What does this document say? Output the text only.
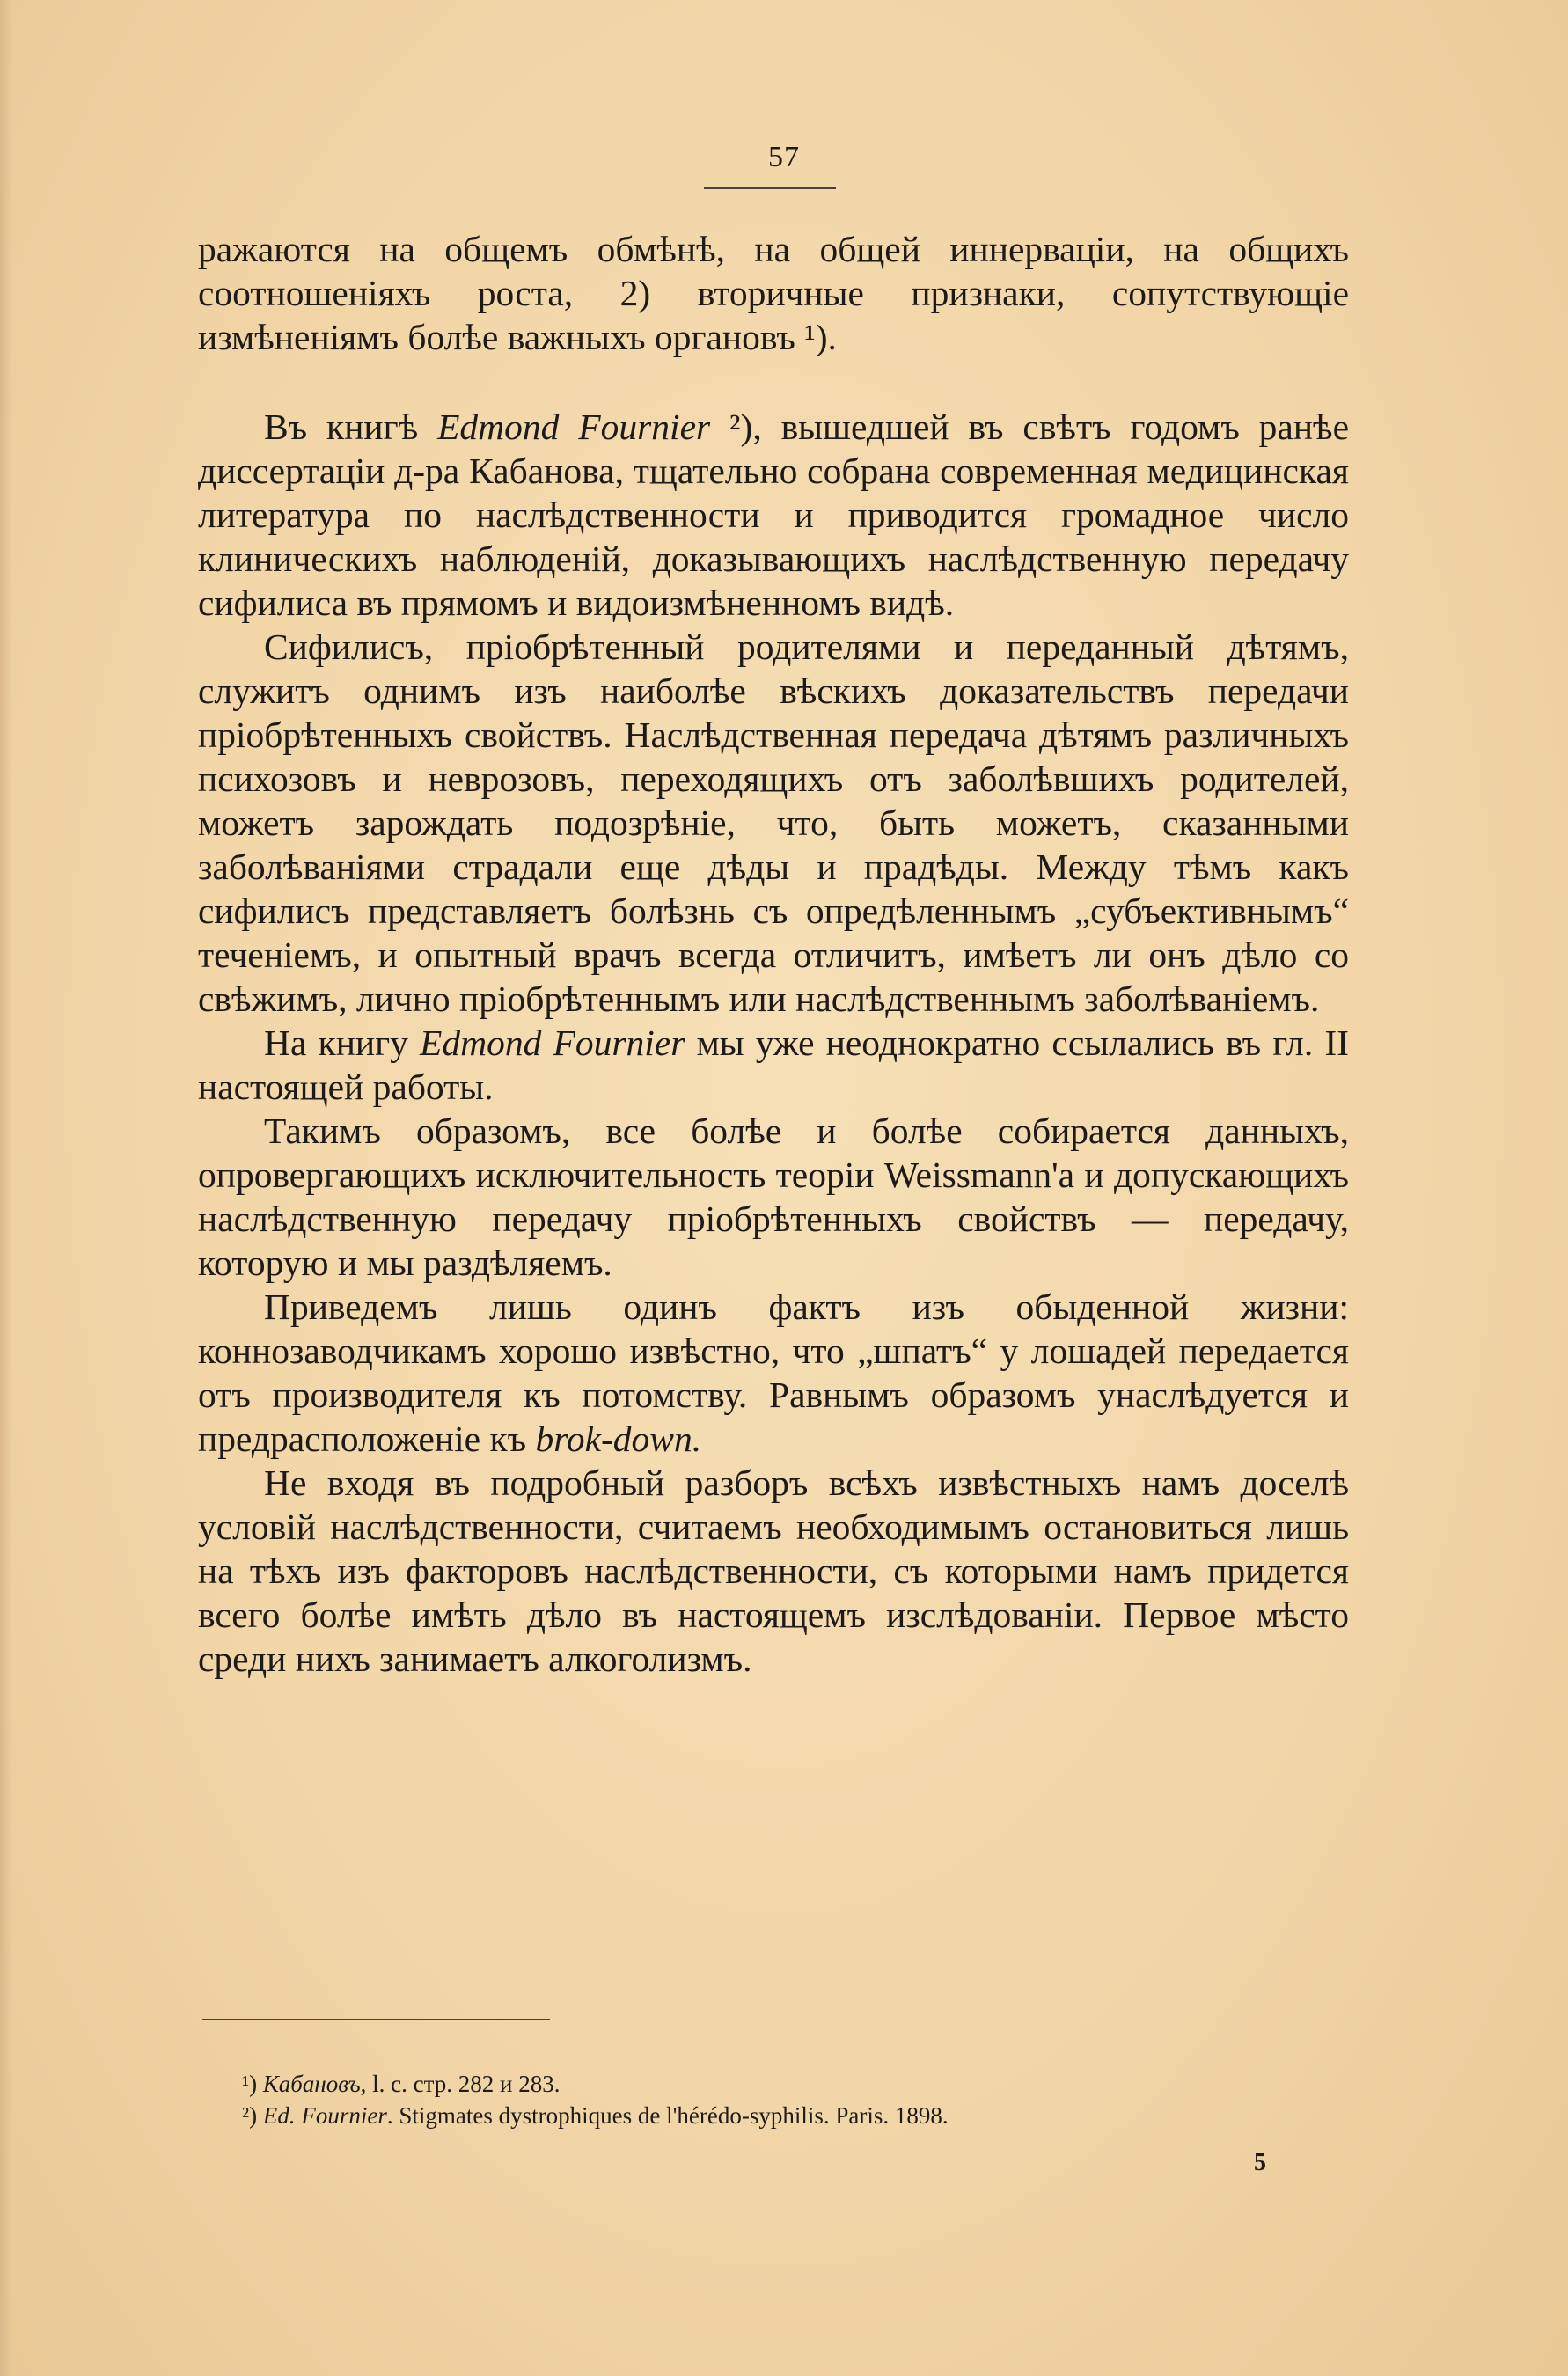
57

ражаются на общемъ обмѣнѣ, на общей иннерваціи, на общихъ соотношеніяхъ роста, 2) вторичные признаки, сопутствующіе измѣненіямъ болѣе важныхъ органовъ ¹).

Въ книгѣ Edmond Fournier ²), вышедшей въ свѣтъ годомъ ранѣе диссертаціи д-ра Кабанова, тщательно собрана современная медицинская литература по наслѣдственности и приводится громадное число клиническихъ наблюденій, доказывающихъ наслѣдственную передачу сифилиса въ прямомъ и видоизмѣненномъ видѣ.

Сифилисъ, пріобрѣтенный родителями и переданный дѣтямъ, служитъ однимъ изъ наиболѣе вѣскихъ доказательствъ передачи пріобрѣтенныхъ свойствъ. Наслѣдственная передача дѣтямъ различныхъ психозовъ и неврозовъ, переходящихъ отъ заболѣвшихъ родителей, можетъ зарождать подозрѣніе, что, быть можетъ, сказанными заболѣваніями страдали еще дѣды и прадѣды. Между тѣмъ какъ сифилисъ представляетъ болѣзнь съ опредѣленнымъ „субъективнымъ“ теченіемъ, и опытный врачъ всегда отличитъ, имѣетъ ли онъ дѣло со свѣжимъ, лично пріобрѣтеннымъ или наслѣдственнымъ заболѣваніемъ.

На книгу Edmond Fournier мы уже неоднократно ссылались въ гл. II настоящей работы.

Такимъ образомъ, все болѣе и болѣе собирается данныхъ, опровергающихъ исключительность теоріи Weissmann'a и допускающихъ наслѣдственную передачу пріобрѣтенныхъ свойствъ — передачу, которую и мы раздѣляемъ.

Приведемъ лишь одинъ фактъ изъ обыденной жизни: коннозаводчикамъ хорошо извѣстно, что „шпатъ“ у лошадей передается отъ производителя къ потомству. Равнымъ образомъ унаслѣдуется и предрасположеніе къ brok-down.

Не входя въ подробный разборъ всѣхъ извѣстныхъ намъ доселѣ условій наслѣдственности, считаемъ необходимымъ остановиться лишь на тѣхъ изъ факторовъ наслѣдственности, съ которыми намъ придется всего болѣе имѣть дѣло въ настоящемъ изслѣдованіи. Первое мѣсто среди нихъ занимаетъ алкоголизмъ.

¹) Кабановъ, l. c. стр. 282 и 283.
²) Ed. Fournier. Stigmates dystrophiques de l'hérédo-syphilis. Paris. 1898.
5
